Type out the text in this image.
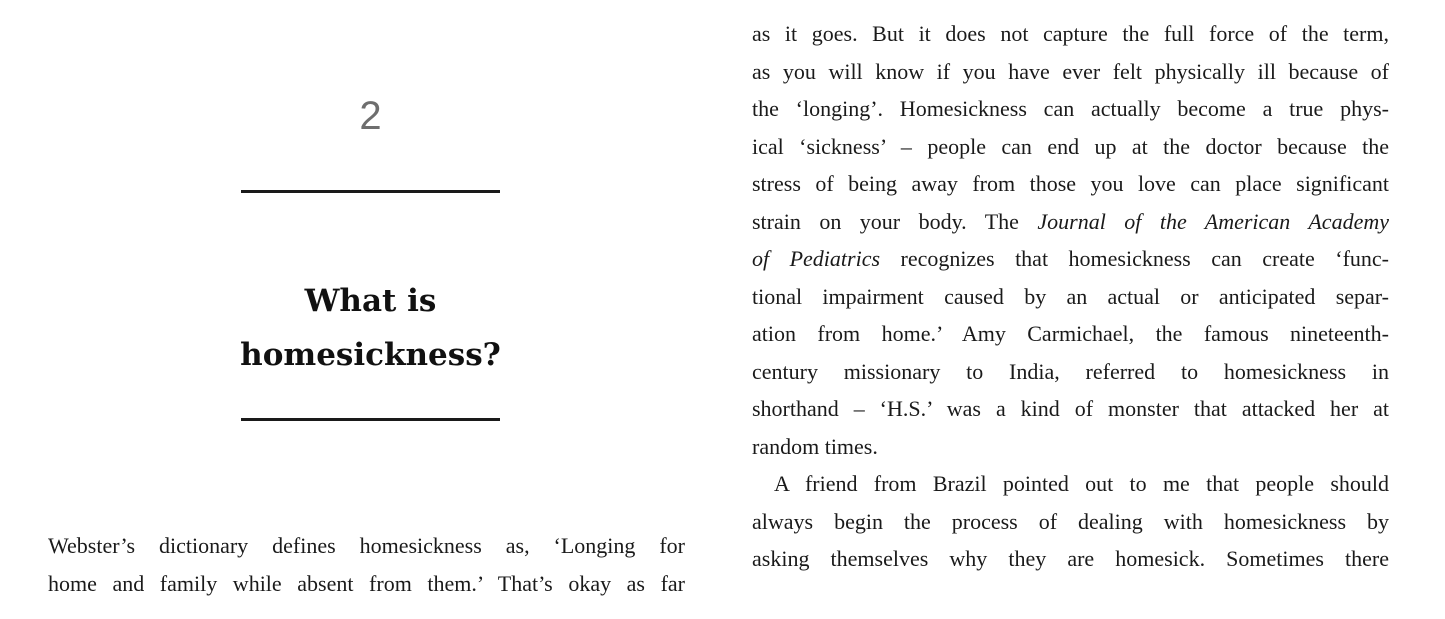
2
What is
homesickness?
Webster’s dictionary defines homesickness as, ‘Longing for
home and family while absent from them.’ That’s okay as far
as it goes. But it does not capture the full force of the term,
as you will know if you have ever felt physically ill because of
the ‘longing’. Homesickness can actually become a true phys-
ical ‘sickness’ – people can end up at the doctor because the
stress of being away from those you love can place significant
strain on your body. The Journal of the American Academy
of Pediatrics recognizes that homesickness can create ‘func-
tional impairment caused by an actual or anticipated separ-
ation from home.’ Amy Carmichael, the famous nineteenth-
century missionary to India, referred to homesickness in
shorthand – ‘H.S.’ was a kind of monster that attacked her at
random times.
A friend from Brazil pointed out to me that people should
always begin the process of dealing with homesickness by
asking themselves why they are homesick. Sometimes there
